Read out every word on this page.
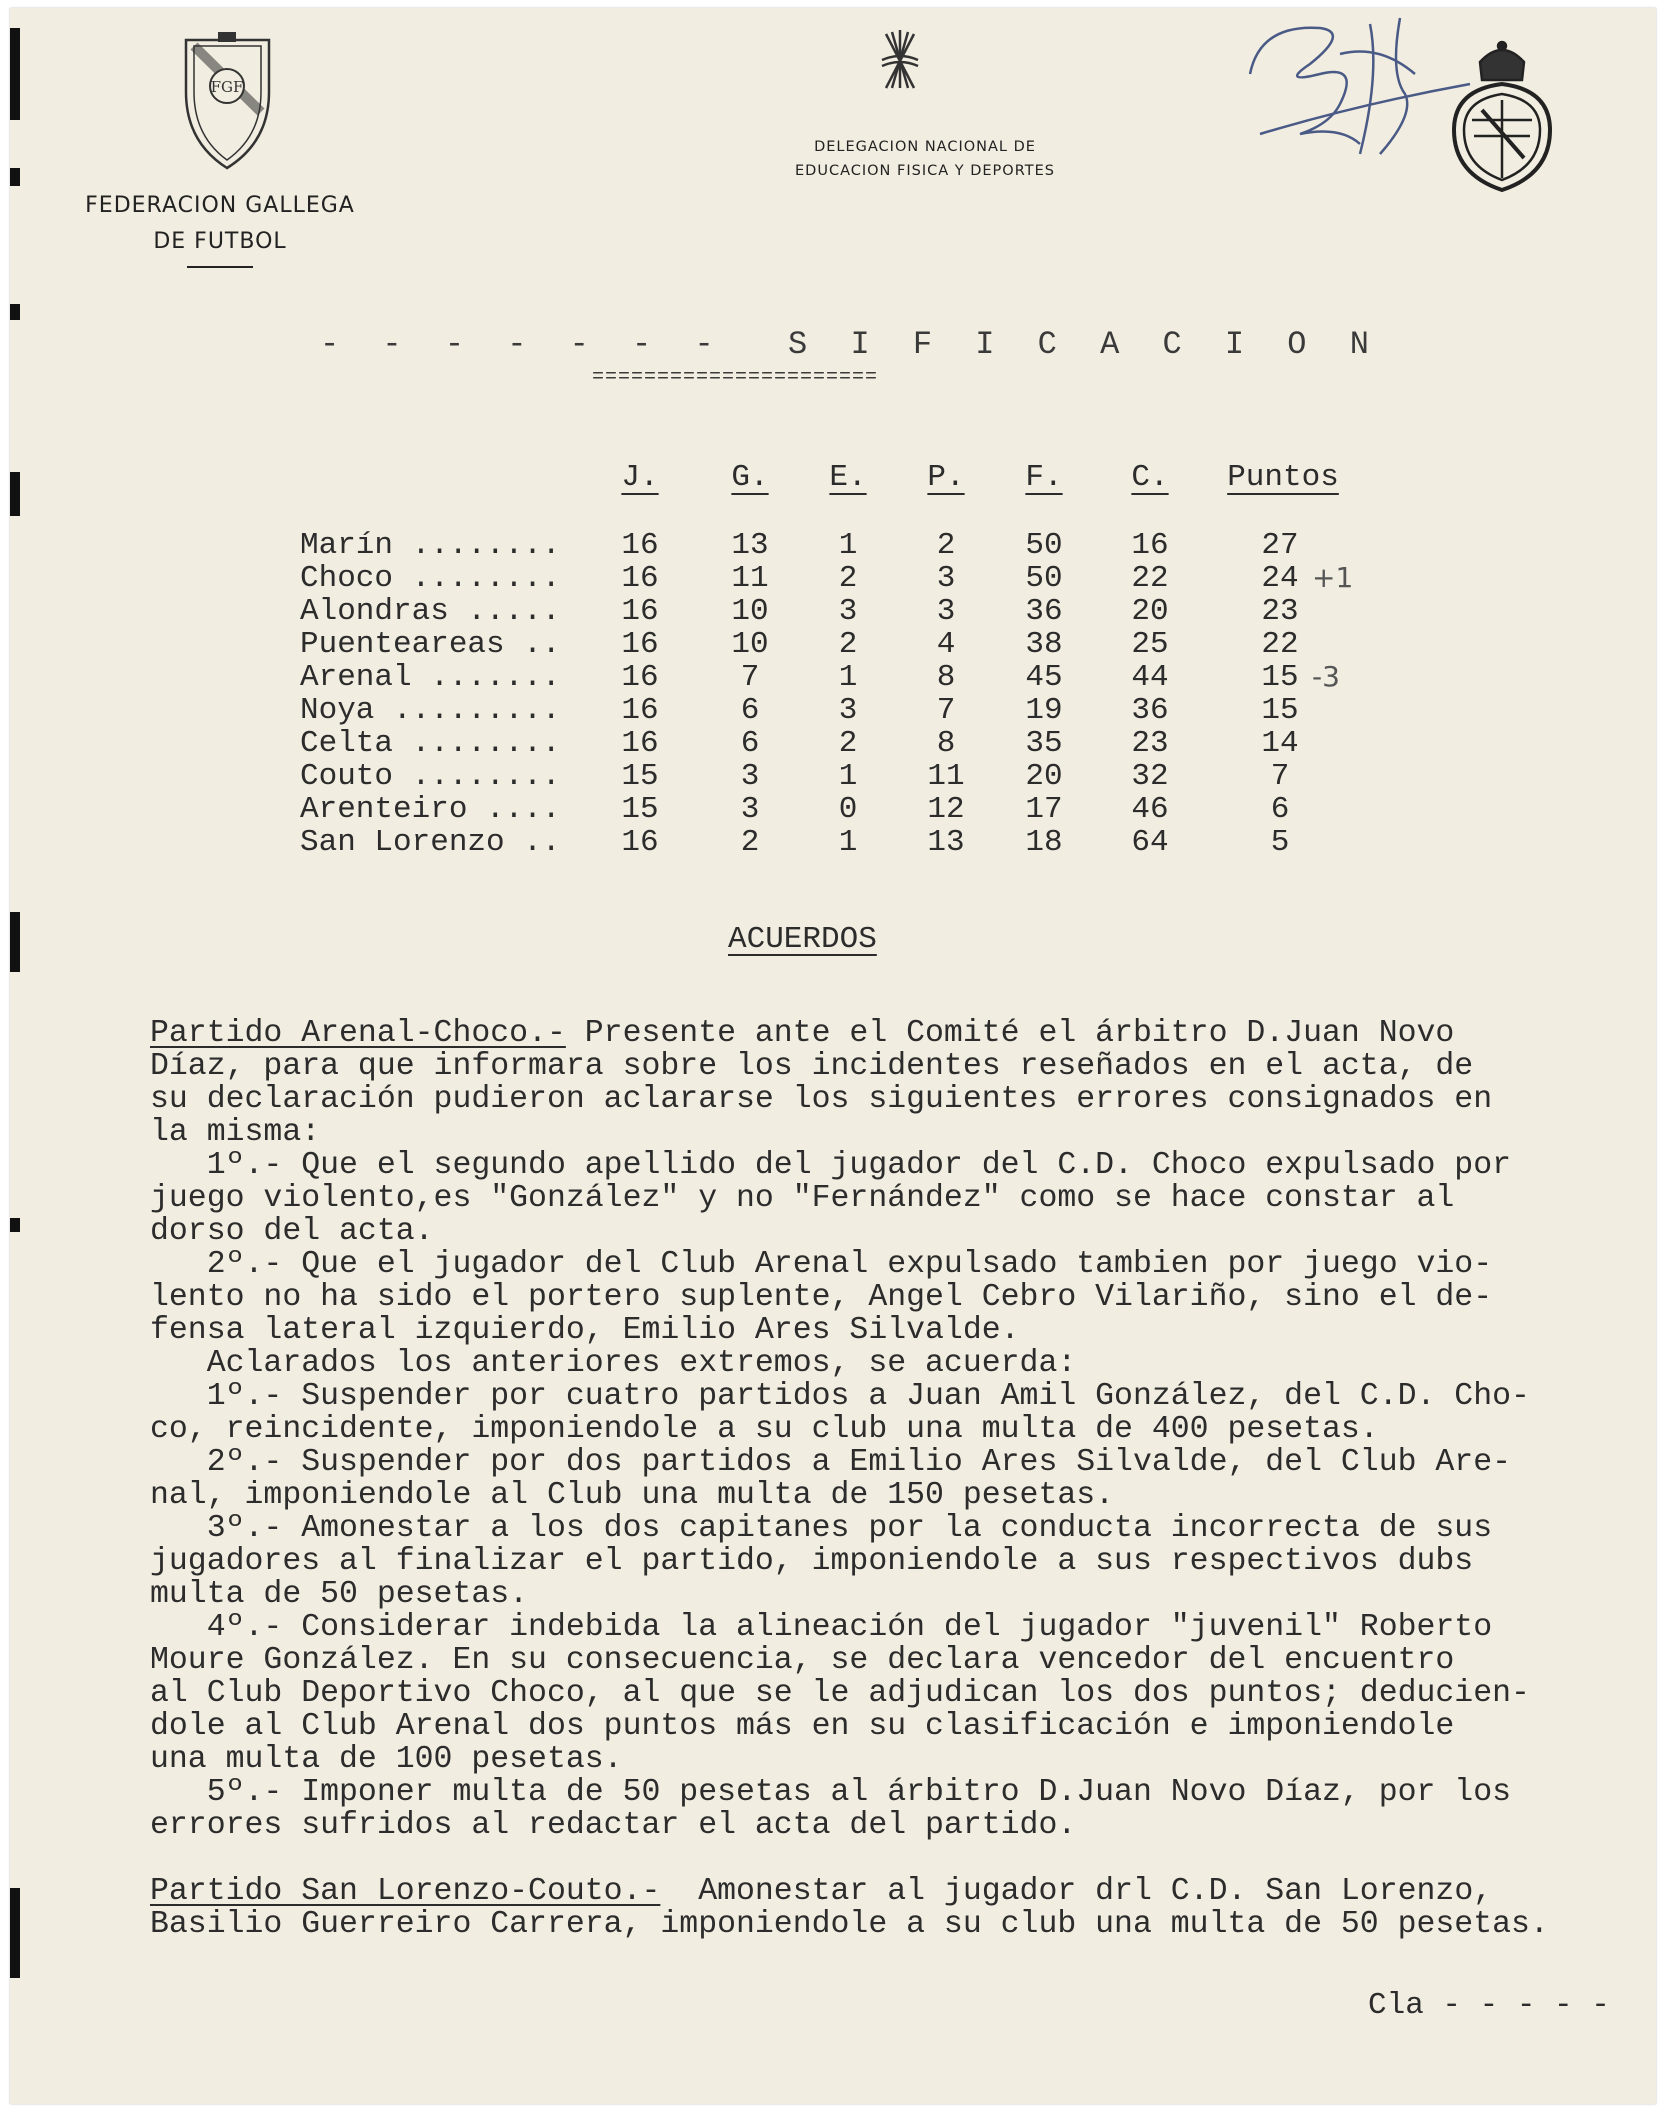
FGF
FEDERACION GALLEGA
DE FUTBOL
DELEGACION NACIONAL DE
EDUCACION FISICA Y DEPORTES
- - - - - - -  S I F I C A C I O N
======================
J.	G.	E.	P.	F.	C.	Puntos
Marín ........	16	13	1	2	50	16	27
Choco ........	16	11	2	3	50	22	24 +1
Alondras .....	16	10	3	3	36	20	23
Puenteareas ..	16	10	2	4	38	25	22
Arenal .......	16	7	1	8	45	44	15 -3
Noya .........	16	6	3	7	19	36	15
Celta ........	16	6	2	8	35	23	14
Couto ........	15	3	1	11	20	32	7
Arenteiro ....	15	3	0	12	17	46	6
San Lorenzo ..	16	2	1	13	18	64	5
ACUERDOS
Partido Arenal-Choco.- Presente ante el Comité el árbitro D.Juan Novo
Díaz, para que informara sobre los incidentes reseñados en el acta, de
su declaración pudieron aclararse los siguientes errores consignados en
la misma:
1º.- Que el segundo apellido del jugador del C.D. Choco expulsado por
juego violento,es "González" y no "Fernández" como se hace constar al
dorso del acta.
2º.- Que el jugador del Club Arenal expulsado tambien por juego vio-
lento no ha sido el portero suplente, Angel Cebro Vilariño, sino el de-
fensa lateral izquierdo, Emilio Ares Silvalde.
Aclarados los anteriores extremos, se acuerda:
1º.- Suspender por cuatro partidos a Juan Amil González, del C.D. Cho-
co, reincidente, imponiendole a su club una multa de 400 pesetas.
2º.- Suspender por dos partidos a Emilio Ares Silvalde, del Club Are-
nal, imponiendole al Club una multa de 150 pesetas.
3º.- Amonestar a los dos capitanes por la conducta incorrecta de sus
jugadores al finalizar el partido, imponiendole a sus respectivos dubs
multa de 50 pesetas.
4º.- Considerar indebida la alineación del jugador "juvenil" Roberto
Moure González. En su consecuencia, se declara vencedor del encuentro
al Club Deportivo Choco, al que se le adjudican los dos puntos; deducien-
dole al Club Arenal dos puntos más en su clasificación e imponiendole
una multa de 100 pesetas.
5º.- Imponer multa de 50 pesetas al árbitro D.Juan Novo Díaz, por los
errores sufridos al redactar el acta del partido.
Partido San Lorenzo-Couto.-  Amonestar al jugador drl C.D. San Lorenzo,
Basilio Guerreiro Carrera, imponiendole a su club una multa de 50 pesetas.
Cla - - - - -
